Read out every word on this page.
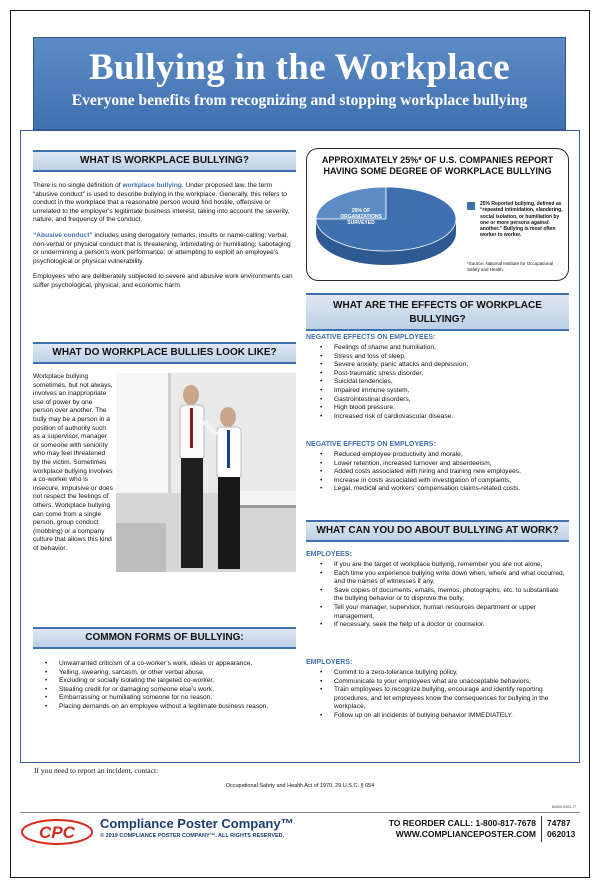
Bullying in the Workplace
Everyone benefits from recognizing and stopping workplace bullying
WHAT IS WORKPLACE BULLYING?

There is no single definition of workplace bullying. Under proposed law, the term “abusive conduct” is used to describe bullying in the workplace. Generally, this refers to conduct in the workplace that a reasonable person would find hostile, offensive or unrelated to the employer’s legitimate business interest, taking into account the severity, nature, and frequency of the conduct.

“Abusive conduct” includes using derogatory remarks, insults or name-calling; verbal, non-verbal or physical conduct that is threatening, intimidating or humiliating; sabotaging or undermining a person’s work performance; or attempting to exploit an employee’s psychological or physical vulnerability.

Employees who are deliberately subjected to severe and abusive work environments can suffer psychological, physical, and economic harm.

WHAT DO WORKPLACE BULLIES LOOK LIKE?
Workplace bullying sometimes, but not always, involves an inappropriate use of power by one person over another. The bully may be a person in a position of authority such as a supervisor, manager or someone with seniority who may feel threatened by the victim. Sometimes workplace bullying involves a co-worker who is insecure, impulsive or does not respect the feelings of others. Workplace bullying can come from a single person, group conduct (mobbing) or a company culture that allows this kind of behavior.
COMMON FORMS OF BULLYING:
• Unwarranted criticism of a co-worker’s work, ideas or appearance,
• Yelling, swearing, sarcasm, or other verbal abuse,
• Excluding or socially isolating the targeted co-worker,
• Stealing credit for or damaging someone else’s work,
• Embarrassing or humiliating someone for no reason,
• Placing demands on an employee without a legitimate business reason.
APPROXIMATELY 25%* OF U.S. COMPANIES REPORT
HAVING SOME DEGREE OF WORKPLACE BULLYING
25% OF
ORGANIZATIONS
SURVEYED
25% Reported bullying, defined as “repeated intimidation, slandering, social isolation, or humiliation by one or more persons against another.” Bullying is most often worker to worker.
*Source: National Institute for Occupational Safety and Health.
WHAT ARE THE EFFECTS OF WORKPLACE
BULLYING?
NEGATIVE EFFECTS ON EMPLOYEES:
• Feelings of shame and humiliation,
• Stress and loss of sleep,
• Severe anxiety, panic attacks and depression,
• Post-traumatic stress disorder,
• Suicidal tendencies,
• Impaired immune system,
• Gastrointestinal disorders,
• High blood pressure,
• Increased risk of cardiovascular disease.
NEGATIVE EFFECTS ON EMPLOYERS:
• Reduced employee productivity and morale,
• Lower retention, increased turnover and absenteeism,
• Added costs associated with hiring and training new employees,
• Increase in costs associated with investigation of complaints,
• Legal, medical and workers’ compensation claims-related costs.
WHAT CAN YOU DO ABOUT BULLYING AT WORK?
EMPLOYEES:
• If you are the target of workplace bullying, remember you are not alone,
• Each time you experience bullying write down when, where and what occurred, and the names of witnesses if any,
• Save copies of documents, emails, memos, photographs, etc. to substantiate the bullying behavior or to disprove the bully,
• Tell your manager, supervisor, human resources department or upper management,
• If necessary, seek the help of a doctor or counselor.
EMPLOYERS:
• Commit to a zero-tolerance bullying policy,
• Communicate to your employees what are unacceptable behaviors,
• Train employees to recognize bullying, encourage and identify reporting procedures, and let employees know the consequences for bullying in the workplace,
• Follow up on all incidents of bullying behavior IMMEDIATELY.
If you need to report an incident, contact:
Occupational Safety and Health Act of 1970, 29 U.S.C. § 654
B0000-0000-77
CPC Compliance Poster Company™
© 2019 COMPLIANCE POSTER COMPANY™. ALL RIGHTS RESERVED.
TO REORDER CALL: 1-800-817-7678
WWW.COMPLIANCEPOSTER.COM
74787
062013
